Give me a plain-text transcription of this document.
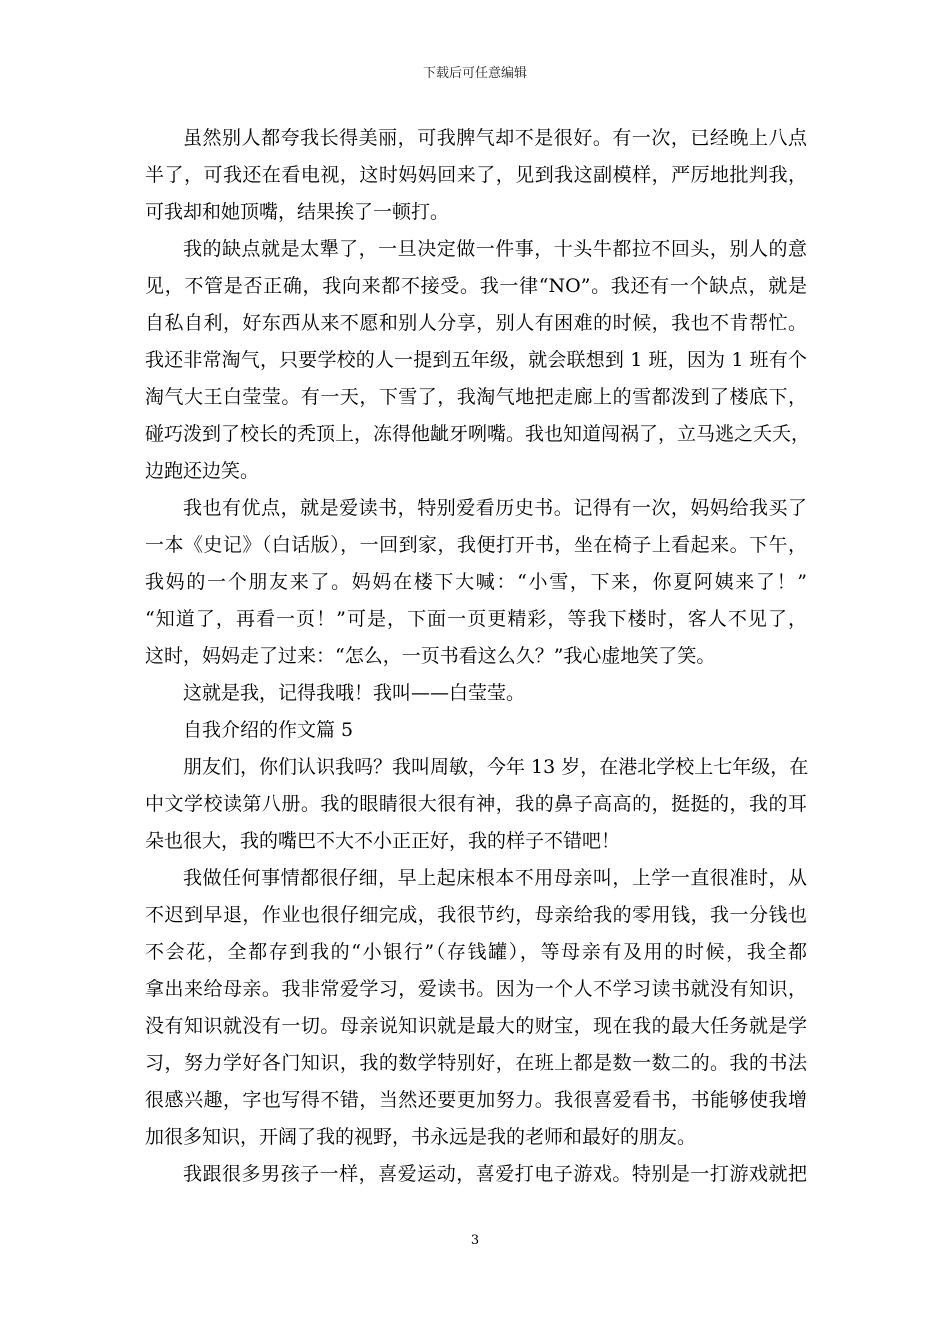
下载后可任意编辑
虽然别人都夸我长得美丽，可我脾气却不是很好。有一次，已经晚上八点
半了，可我还在看电视，这时妈妈回来了，见到我这副模样，严厉地批判我，
可我却和她顶嘴，结果挨了一顿打。
我的缺点就是太犟了，一旦决定做一件事，十头牛都拉不回头，别人的意
见，不管是否正确，我向来都不接受。我一律“NO”。我还有一个缺点，就是
自私自利，好东西从来不愿和别人分享，别人有困难的时候，我也不肯帮忙。
我还非常淘气，只要学校的人一提到五年级，就会联想到 1 班，因为 1 班有个
淘气大王白莹莹。有一天，下雪了，我淘气地把走廊上的雪都泼到了楼底下，
碰巧泼到了校长的秃顶上，冻得他龇牙咧嘴。我也知道闯祸了，立马逃之夭夭，
边跑还边笑。
我也有优点，就是爱读书，特别爱看历史书。记得有一次，妈妈给我买了
一本《史记》（白话版），一回到家，我便打开书，坐在椅子上看起来。下午，
我妈的一个朋友来了。妈妈在楼下大喊：“小雪，下来，你夏阿姨来了！”
“知道了，再看一页！”可是，下面一页更精彩，等我下楼时，客人不见了，
这时，妈妈走了过来：“怎么，一页书看这么久？”我心虚地笑了笑。
这就是我，记得我哦！我叫——白莹莹。
自我介绍的作文篇 5
朋友们，你们认识我吗？我叫周敏，今年 13 岁，在港北学校上七年级，在
中文学校读第八册。我的眼睛很大很有神，我的鼻子高高的，挺挺的，我的耳
朵也很大，我的嘴巴不大不小正正好，我的样子不错吧！
我做任何事情都很仔细，早上起床根本不用母亲叫，上学一直很准时，从
不迟到早退，作业也很仔细完成，我很节约，母亲给我的零用钱，我一分钱也
不会花，全都存到我的“小银行”（存钱罐），等母亲有及用的时候，我全都
拿出来给母亲。我非常爱学习，爱读书。因为一个人不学习读书就没有知识，
没有知识就没有一切。母亲说知识就是最大的财宝，现在我的最大任务就是学
习，努力学好各门知识，我的数学特别好，在班上都是数一数二的。我的书法
很感兴趣，字也写得不错，当然还要更加努力。我很喜爱看书，书能够使我增
加很多知识，开阔了我的视野，书永远是我的老师和最好的朋友。
我跟很多男孩子一样，喜爱运动，喜爱打电子游戏。特别是一打游戏就把
3
